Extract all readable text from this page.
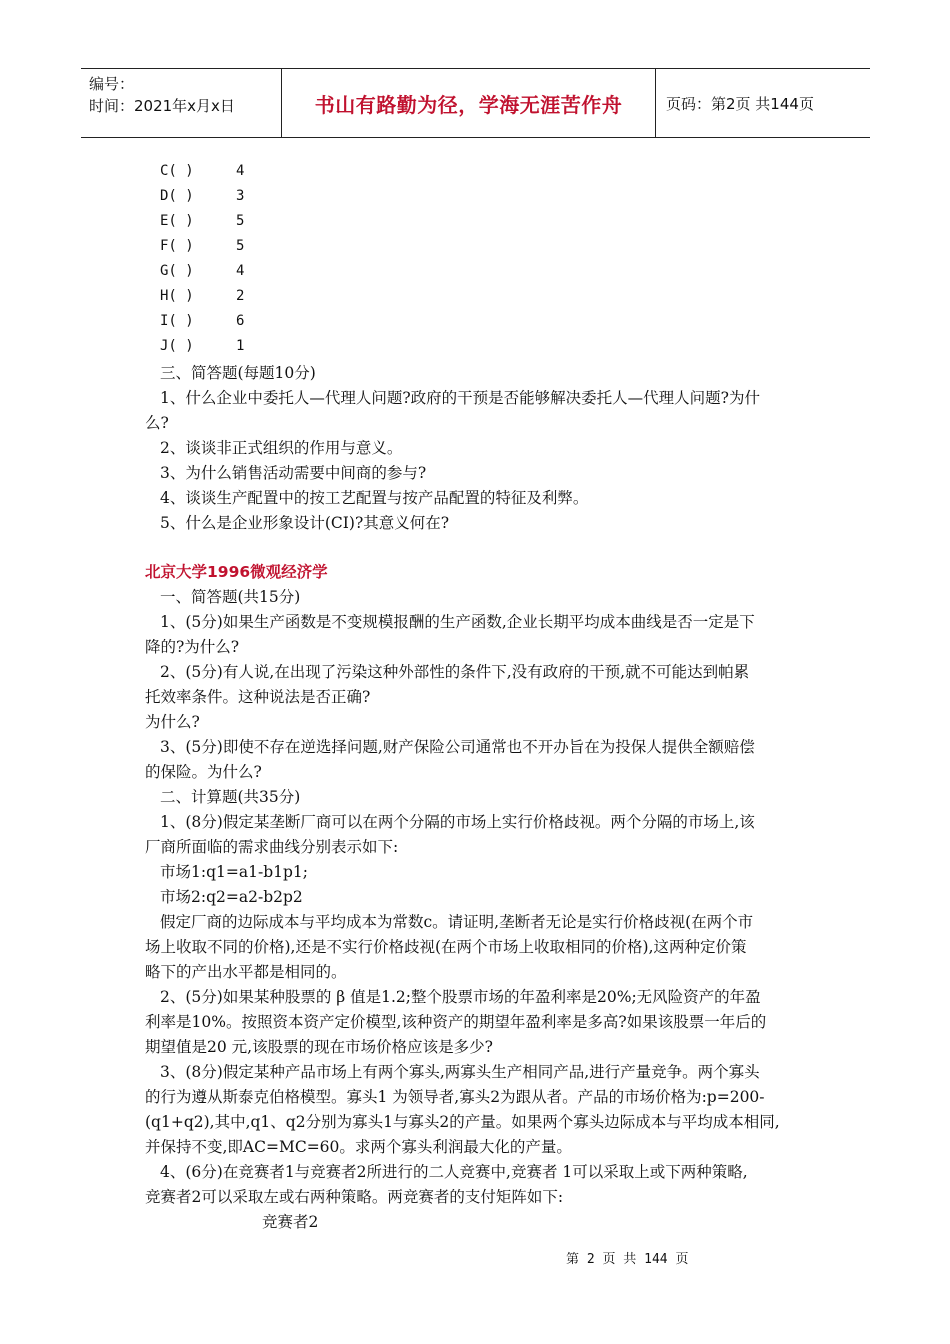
编号：
时间：2021年x月x日	书山有路勤为径，学海无涯苦作舟	页码：第2页 共144页
C( )	4
D( )	3
E( )	5
F( )	5
G( )	4
H( )	2
I( )	6
J( )	1
三、简答题(每题10分)
1、什么企业中委托人—代理人问题?政府的干预是否能够解决委托人—代理人问题?为什
么?
2、谈谈非正式组织的作用与意义。
3、为什么销售活动需要中间商的参与?
4、谈谈生产配置中的按工艺配置与按产品配置的特征及利弊。
5、什么是企业形象设计(CI)?其意义何在?
北京大学1996微观经济学
一、简答题(共15分)
1、(5分)如果生产函数是不变规模报酬的生产函数,企业长期平均成本曲线是否一定是下
降的?为什么?
2、(5分)有人说,在出现了污染这种外部性的条件下,没有政府的干预,就不可能达到帕累
托效率条件。这种说法是否正确?
为什么?
3、(5分)即使不存在逆选择问题,财产保险公司通常也不开办旨在为投保人提供全额赔偿
的保险。为什么?
二、计算题(共35分)
1、(8分)假定某垄断厂商可以在两个分隔的市场上实行价格歧视。两个分隔的市场上,该
厂商所面临的需求曲线分别表示如下:
市场1:q1=a1-b1p1;
市场2:q2=a2-b2p2
假定厂商的边际成本与平均成本为常数c。请证明,垄断者无论是实行价格歧视(在两个市
场上收取不同的价格),还是不实行价格歧视(在两个市场上收取相同的价格),这两种定价策
略下的产出水平都是相同的。
2、(5分)如果某种股票的 β 值是1.2;整个股票市场的年盈利率是20%;无风险资产的年盈
利率是10%。按照资本资产定价模型,该种资产的期望年盈利率是多高?如果该股票一年后的
期望值是20 元,该股票的现在市场价格应该是多少?
3、(8分)假定某种产品市场上有两个寡头,两寡头生产相同产品,进行产量竞争。两个寡头
的行为遵从斯泰克伯格模型。寡头1 为领导者,寡头2为跟从者。产品的市场价格为:p=200-
(q1+q2),其中,q1、q2分别为寡头1与寡头2的产量。如果两个寡头边际成本与平均成本相同,
并保持不变,即AC=MC=60。求两个寡头利润最大化的产量。
4、(6分)在竞赛者1与竞赛者2所进行的二人竞赛中,竞赛者 1可以采取上或下两种策略,
竞赛者2可以采取左或右两种策略。两竞赛者的支付矩阵如下:
竞赛者2
第 2 页 共 144 页
